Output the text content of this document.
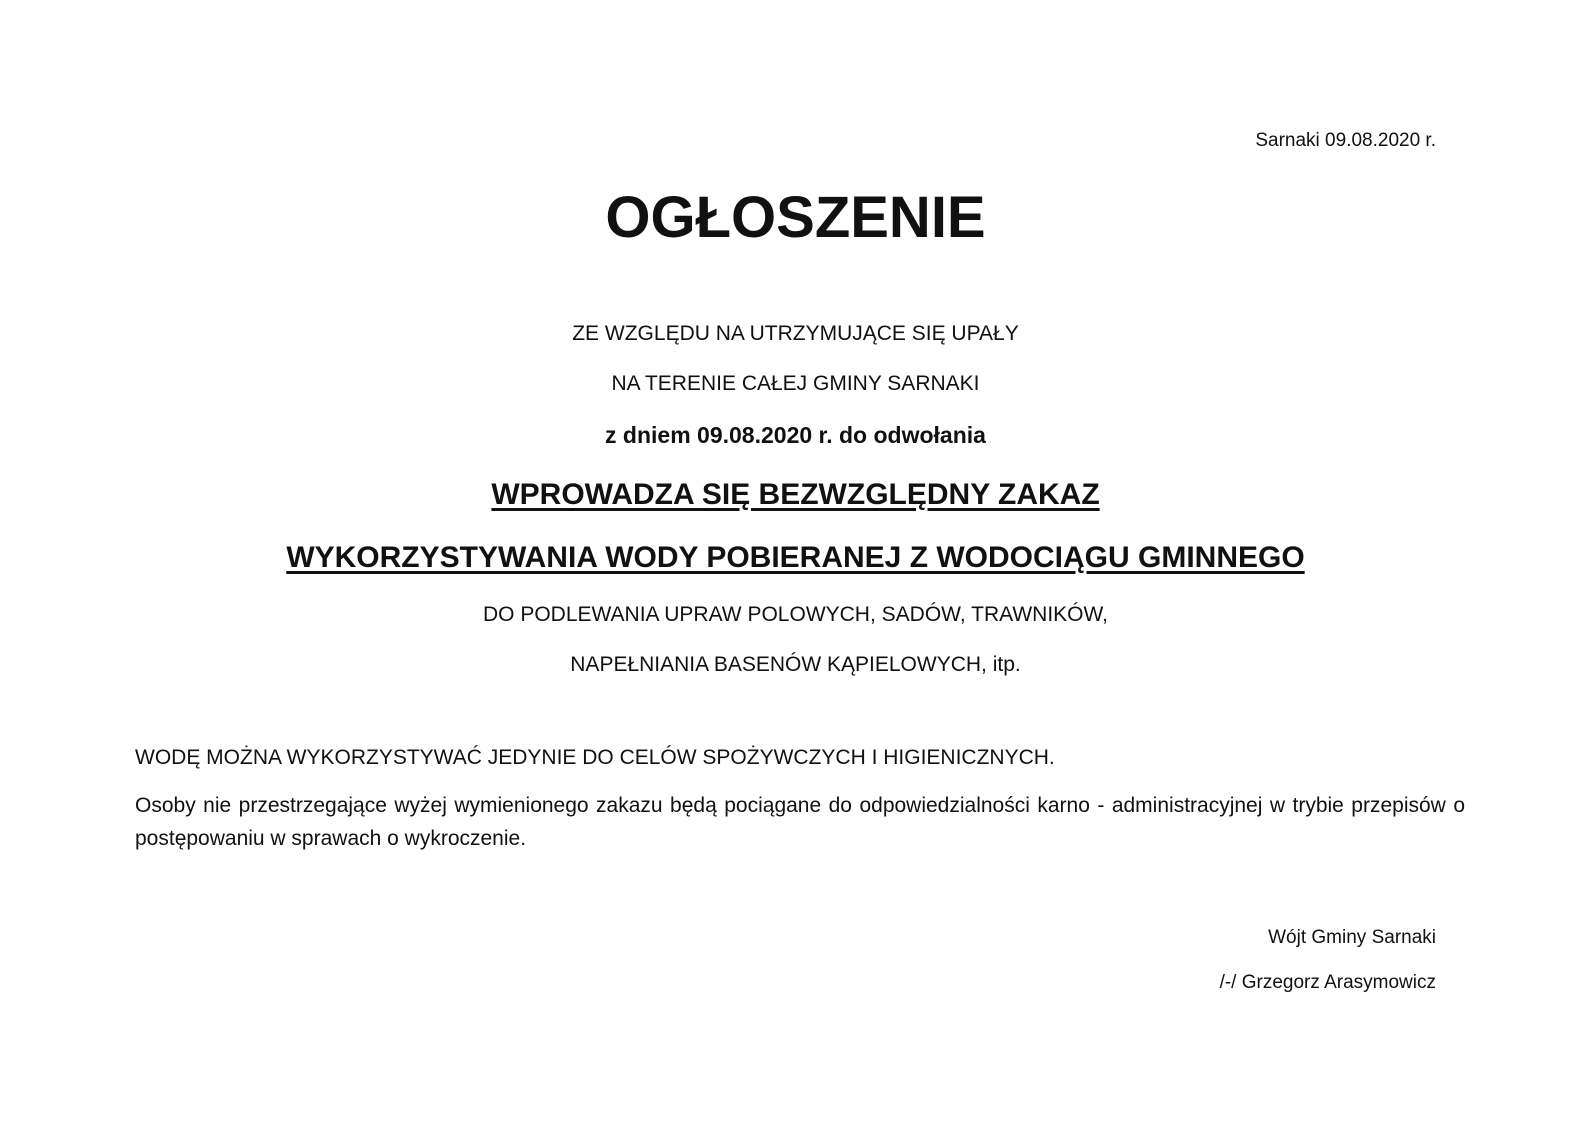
Sarnaki 09.08.2020 r.

OGŁOSZENIE

ZE WZGLĘDU NA UTRZYMUJĄCE SIĘ UPAŁY

NA TERENIE CAŁEJ GMINY SARNAKI

z dniem 09.08.2020 r. do odwołania

WPROWADZA SIĘ BEZWZGLĘDNY ZAKAZ

WYKORZYSTYWANIA WODY POBIERANEJ Z WODOCIĄGU GMINNEGO

DO PODLEWANIA UPRAW POLOWYCH, SADÓW, TRAWNIKÓW,

NAPEŁNIANIA BASENÓW KĄPIELOWYCH, itp.

WODĘ MOŻNA WYKORZYSTYWAĆ JEDYNIE DO CELÓW SPOŻYWCZYCH I HIGIENICZNYCH.

Osoby nie przestrzegające wyżej wymienionego zakazu będą pociągane do odpowiedzialności karno - administracyjnej w trybie przepisów o postępowaniu w sprawach o wykroczenie.

Wójt Gminy Sarnaki
/-/ Grzegorz Arasymowicz
